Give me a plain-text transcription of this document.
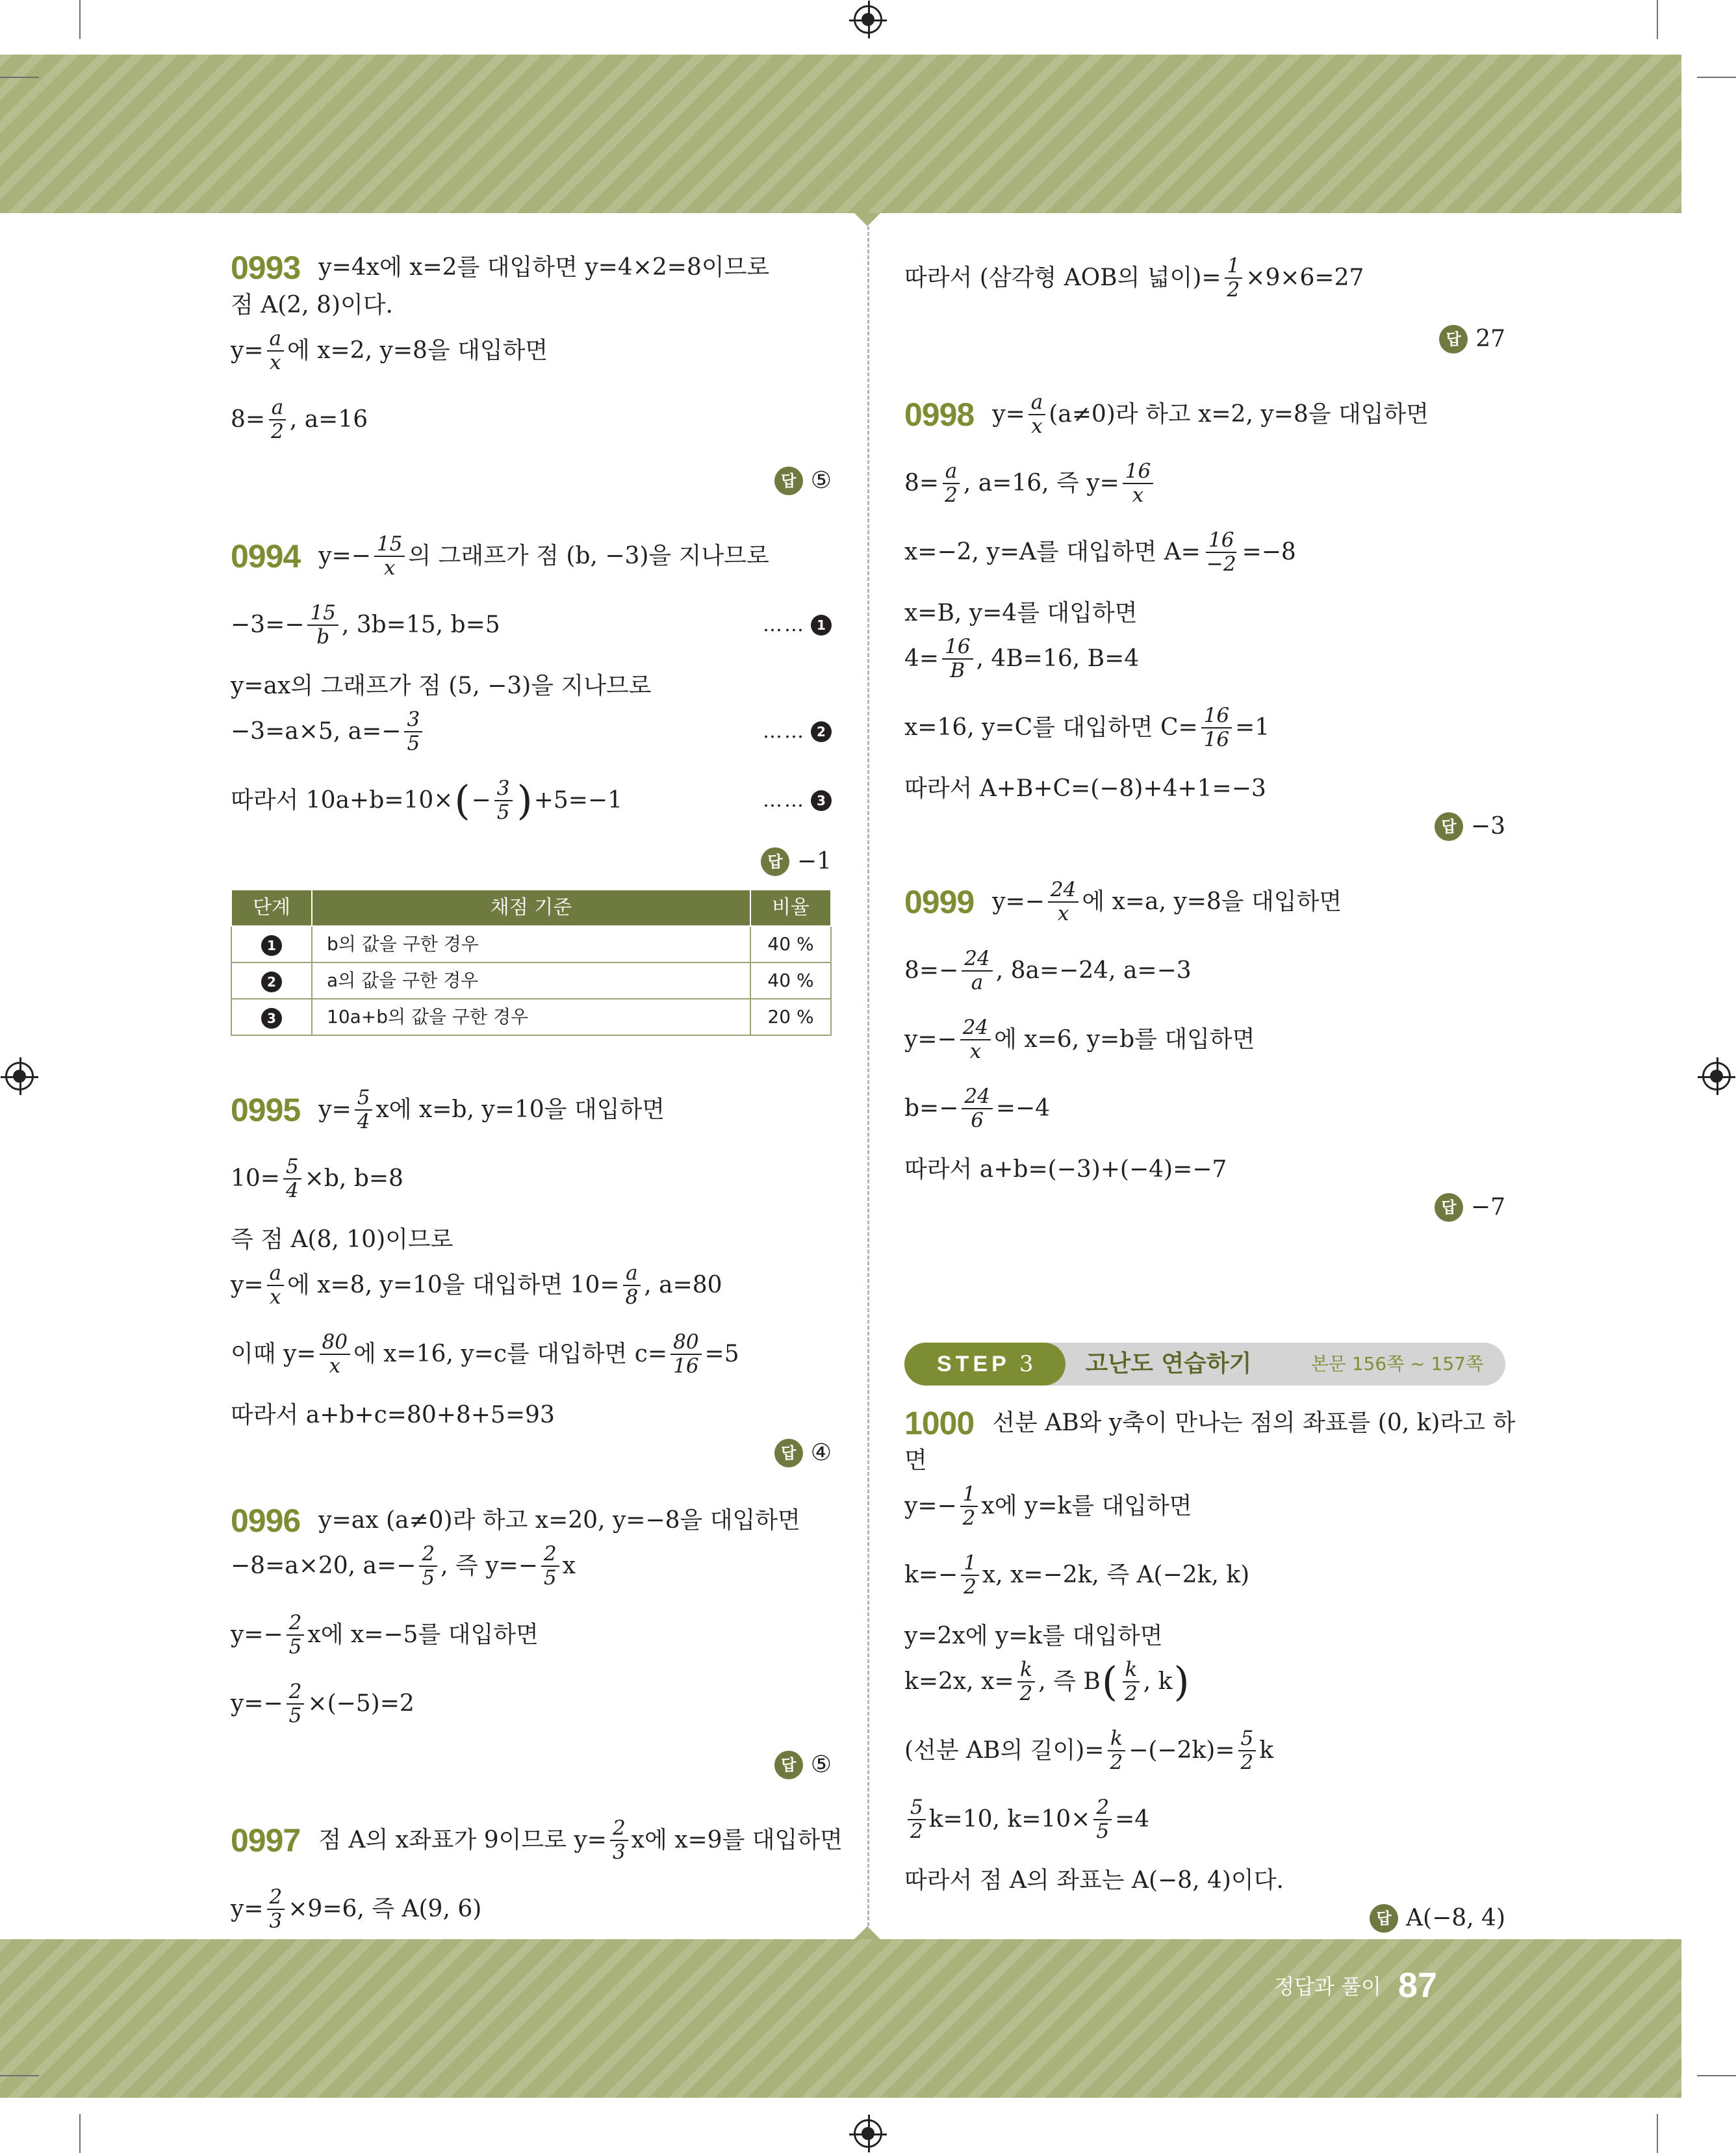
0993 y=4x에 x=2를 대입하면 y=4×2=8이므로
점 A(2, 8)이다.
$y= \frac{a}{x}$ 에 x=2, y=8을 대입하면
$8= \frac{a}{2}$ , a=16
답 ⑤
0994 $y=- \frac{15}{x}$ 의 그래프가 점 (b, −3)을 지나므로
$-3=- \frac{15}{b}$ , 3b=15, b=5	…… 1
y=ax의 그래프가 점 (5, −3)을 지나므로
−3=a×5, $a=- \frac{3}{5}$	…… 2
따라서 10a+b=10× ( − $\frac{3}{5}$ ) +5=−1	…… 3
답 −1
단계	채점 기준	비율
1	b의 값을 구한 경우	40 %
2	a의 값을 구한 경우	40 %
3	10a+b의 값을 구한 경우	20 %
0995 $y= \frac{5}{4}$ x에 x=b, y=10을 대입하면
$10= \frac{5}{4} \times b$, b=8
즉 점 A(8, 10)이므로
$y= \frac{a}{x}$ 에 x=8, y=10을 대입하면 $10= \frac{a}{8}$ , a=80
이때 $y= \frac{80}{x}$ 에 x=16, y=c를 대입하면 $c= \frac{80}{16} =5$
따라서 a+b+c=80+8+5=93
답 ④
0996 y=ax (a≠0)라 하고 x=20, y=−8을 대입하면
−8=a×20, $a=- \frac{2}{5}$ , 즉 $y=- \frac{2}{5}$ x
$y=- \frac{2}{5}$ x에 x=−5를 대입하면
$y=- \frac{2}{5} \times(-5)=2$
답 ⑤
0997 점 A의 x좌표가 9이므로 $y= \frac{2}{3}$ x에 x=9를 대입하면
$y= \frac{2}{3} \times 9=6$, 즉 A(9, 6)
따라서 (삼각형 AOB의 넓이)= $\frac{1}{2} \times 9\times 6=27$
답 27
0998 $y= \frac{a}{x} (a\ne 0)$라 하고 x=2, y=8을 대입하면
$8= \frac{a}{2}$ , a=16, 즉 $y= \frac{16}{x}$
x=−2, y=A를 대입하면 $A= \frac{16}{-2} =-8$
x=B, y=4를 대입하면
$4= \frac{16}{B}$ , 4B=16, B=4
x=16, y=C를 대입하면 $C= \frac{16}{16} =1$
따라서 A+B+C=(−8)+4+1=−3
답 −3
0999 $y=- \frac{24}{x}$ 에 x=a, y=8을 대입하면
$8=- \frac{24}{a}$ , 8a=−24, a=−3
$y=- \frac{24}{x}$ 에 x=6, y=b를 대입하면
$b=- \frac{24}{6} =-4$
따라서 a+b=(−3)+(−4)=−7
답 −7
STEP 3 고난도 연습하기	본문 156쪽 ~ 157쪽
1000 선분 AB와 y축이 만나는 점의 좌표를 (0, k)라고 하
면
$y=- \frac{1}{2}$ x에 y=k를 대입하면
$k=- \frac{1}{2} x$, x=−2k, 즉 A(−2k, k)
y=2x에 y=k를 대입하면
k=2x, $x= \frac{k}{2}$ , 즉 B ( $\frac{k}{2}$ , k )
(선분 AB의 길이)= $\frac{k}{2} -(-2k)= \frac{5}{2}$ k
$\frac{5}{2} k=10$, $k=10\times \frac{2}{5} =4$
따라서 점 A의 좌표는 A(−8, 4)이다.
답 A(−8, 4)
정답과 풀이 87
